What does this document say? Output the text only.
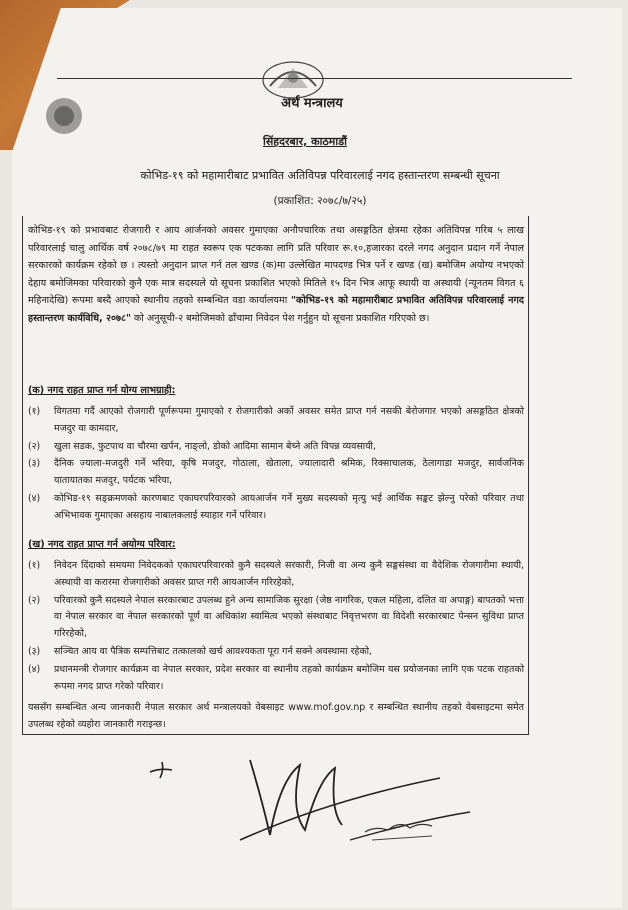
अर्थ मन्त्रालय
सिंहदरबार, काठमाडौं
कोभिड-१९ को महामारीबाट प्रभावित अतिविपन्न परिवारलाई नगद हस्तान्तरण सम्बन्धी सूचना
(प्रकाशित: २०७८/७/२५)
कोभिड-१९ को प्रभावबाट रोजगारी र आय आर्जनको अवसर गुमाएका अनौपचारिक तथा असङ्गठित क्षेत्रमा रहेका अतिविपन्न गरिब ५ लाख परिवारलाई चालु आर्थिक वर्ष २०७८/७९ मा राहत स्वरूप एक पटकका लागि प्रति परिवार रू.१०,हजारका दरले नगद अनुदान प्रदान गर्ने नेपाल सरकारको कार्यक्रम रहेको छ । त्यस्तो अनुदान प्राप्त गर्न तल खण्ड (क)मा उल्लेखित मापदण्ड भित्र पर्ने र खण्ड (ख) बमोजिम अयोग्य नभएको देहाय बमोजिमका परिवारको कुनै एक मात्र सदस्यले यो सूचना प्रकाशित भएको मितिले १५ दिन भित्र आफू स्थायी वा अस्थायी (न्यूनतम विगत ६ महिनादेखि) रूपमा बस्दै आएको स्थानीय तहको सम्बन्धित वडा कार्यालयमा "कोभिड-१९ को महामारीबाट प्रभावित अतिविपन्न परिवारलाई नगद हस्तान्तरण कार्यविधि, २०७८" को अनुसूची-२ बमोजिमको ढाँचामा निवेदन पेश गर्नुहुन यो सूचना प्रकाशित गरिएको छ।
(क) नगद राहत प्राप्त गर्न योग्य लाभग्राही:
(१)	विगतमा गर्दै आएको रोजगारी पूर्णरूपमा गुमाएको र रोजगारीको अर्को अवसर समेत प्राप्त गर्न नसकी बेरोजगार भएको असङ्गठित क्षेत्रको मजदुर वा कामदार,
(२)	खुला सडक, फुटपाथ वा चौरमा खर्पन, नाङ्लो, डोको आदिमा सामान बेच्ने अति विपन्न व्यवसायी,
(३)	दैनिक ज्याला-मजदुरी गर्ने भरिया, कृषि मजदुर, गोठाला, खेताला, ज्यालादारी श्रमिक, रिक्साचालक, ठेलागाडा मजदुर, सार्वजनिक यातायातका मजदुर, पर्यटक भरिया,
(४)	कोभिड-१९ सङ्क्रमणको कारणबाट एकाघरपरिवारको आयआर्जन गर्ने मुख्य सदस्यको मृत्यु भई आर्थिक सङ्कट झेल्नु परेको परिवार तथा अभिभावक गुमाएका असहाय नाबालकलाई स्याहार गर्ने परिवार।
(ख) नगद राहत प्राप्त गर्न अयोग्य परिवार:
(१)	निवेदन दिंदाको समयमा निवेदकको एकाघरपरिवारको कुनै सदस्यले सरकारी, निजी वा अन्य कुनै सङ्घसंस्था वा वैदेशिक रोजगारीमा स्थायी, अस्थायी वा करारमा रोजगारीको अवसर प्राप्त गरी आयआर्जन गरिरहेको,
(२)	परिवारको कुनै सदस्यले नेपाल सरकारबाट उपलब्ध हुने अन्य सामाजिक सुरक्षा (जेष्ठ नागरिक, एकल महिला, दलित वा अपाङ्ग) बापतको भत्ता वा नेपाल सरकार वा नेपाल सरकारको पूर्ण वा अधिकांश स्वामित्व भएको संस्थाबाट निवृत्तभरण वा विदेशी सरकारबाट पेन्सन सुविधा प्राप्त गरिरहेको,
(३)	सञ्चित आय वा पैत्रिक सम्पत्तिबाट तत्कालको खर्च आवश्यकता पूरा गर्न सक्ने अवस्थामा रहेको,
(४)	प्रधानमन्त्री रोजगार कार्यक्रम वा नेपाल सरकार, प्रदेश सरकार वा स्थानीय तहको कार्यक्रम बमोजिम यस प्रयोजनका लागि एक पटक राहतको रूपमा नगद प्राप्त गरेको परिवार।
यससँग सम्बन्धित अन्य जानकारी नेपाल सरकार अर्थ मन्त्रालयको वेबसाइट www.mof.gov.np र सम्बन्धित स्थानीय तहको वेबसाइटमा समेत उपलब्ध रहेको व्यहोरा जानकारी गराइन्छ।
